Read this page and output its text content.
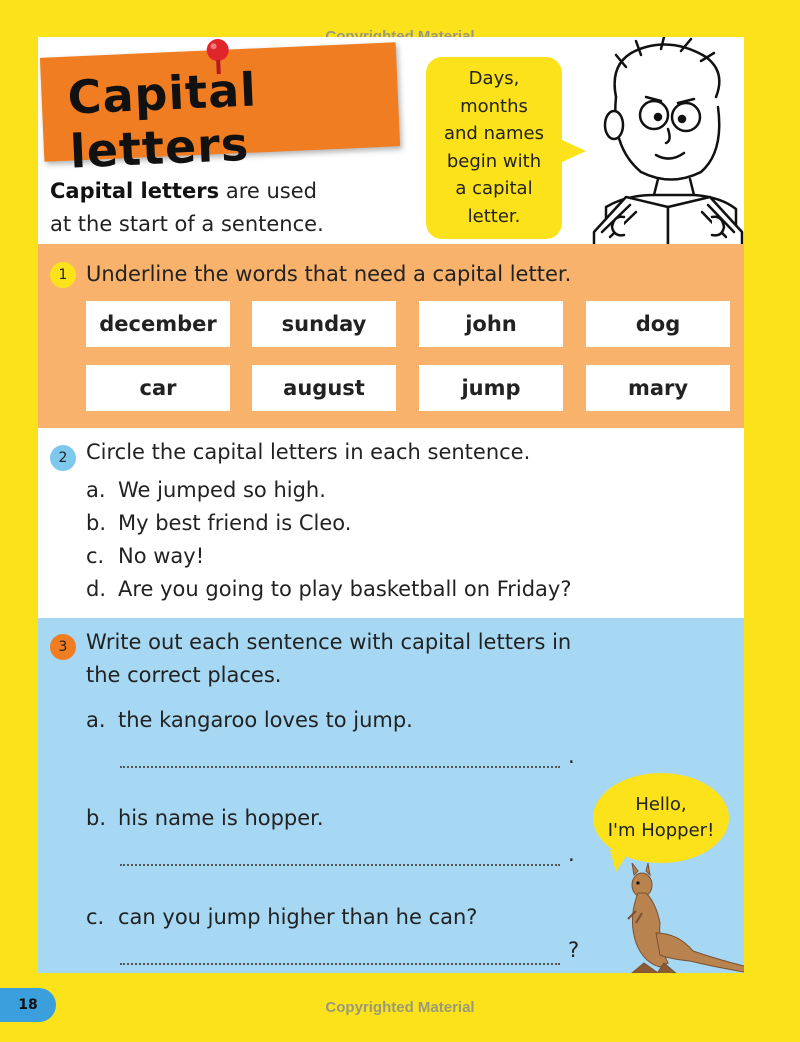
Capital letters
Capital letters are used
at the start of a sentence.
Days,
months
and names
begin with
a capital
letter.
1 Underline the words that need a capital letter.
december	sunday	john	dog
car	august	jump	mary
2 Circle the capital letters in each sentence.
a. We jumped so high.
b. My best friend is Cleo.
c. No way!
d. Are you going to play basketball on Friday?
3 Write out each sentence with capital letters in
the correct places.
a. the kangaroo loves to jump.
.
b. his name is hopper.
.
c. can you jump higher than he can?
?
Hello,
I'm Hopper!
18	Copyrighted Material
